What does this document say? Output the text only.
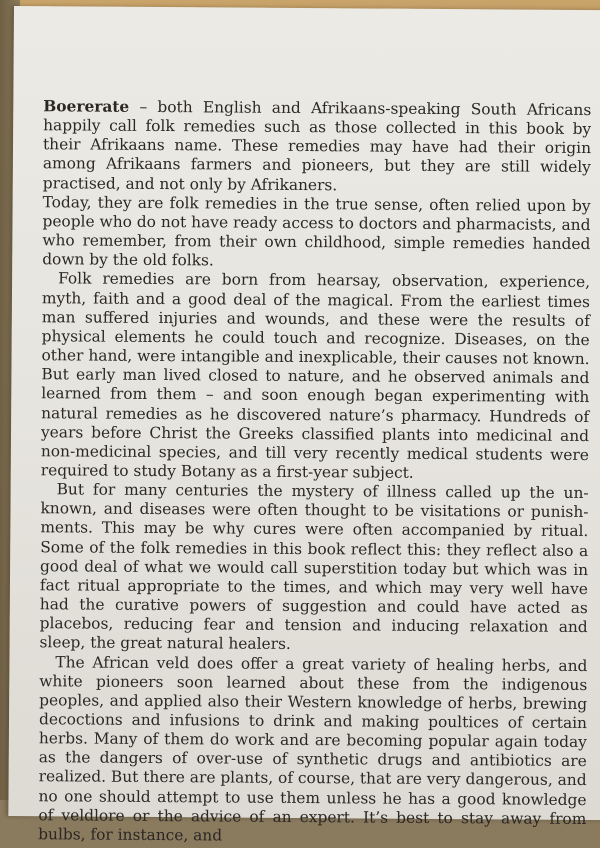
Boererate – both English and Afrikaans-speaking South Africans happily call folk remedies such as those collected in this book by their Afrikaans name. These remedies may have had their origin among Afrikaans farmers and pioneers, but they are still widely practised, and not only by Afrikaners.

Today, they are folk remedies in the true sense, often relied upon by people who do not have ready access to doctors and pharmacists, and who remember, from their own childhood, simple remedies handed down by the old folks.

Folk remedies are born from hearsay, observation, experience, myth, faith and a good deal of the magical. From the earliest times man suffered injuries and wounds, and these were the results of physical elements he could touch and recognize. Diseases, on the other hand, were intangible and inexplicable, their causes not known. But early man lived closed to nature, and he observed animals and learned from them – and soon enough began experimenting with natural remedies as he discovered nature’s pharmacy. Hundreds of years before Christ the Greeks classified plants into medicinal and non-medicinal species, and till very recently medical students were required to study Botany as a first-year subject.

But for many centuries the mystery of illness called up the unknown, and diseases were often thought to be visitations or punishments. This may be why cures were often accompanied by ritual. Some of the folk remedies in this book reflect this: they reflect also a good deal of what we would call superstition today but which was in fact ritual appropriate to the times, and which may very well have had the curative powers of suggestion and could have acted as placebos, reducing fear and tension and inducing relaxation and sleep, the great natural healers.

The African veld does offer a great variety of healing herbs, and white pioneers soon learned about these from the indigenous peoples, and applied also their Western knowledge of herbs, brewing decoctions and infusions to drink and making poultices of certain herbs. Many of them do work and are becoming popular again today as the dangers of over-use of synthetic drugs and antibiotics are realized. But there are plants, of course, that are very dangerous, and no one should attempt to use them unless he has a good knowledge of veldlore or the advice of an expert. It’s best to stay away from bulbs, for instance, and
